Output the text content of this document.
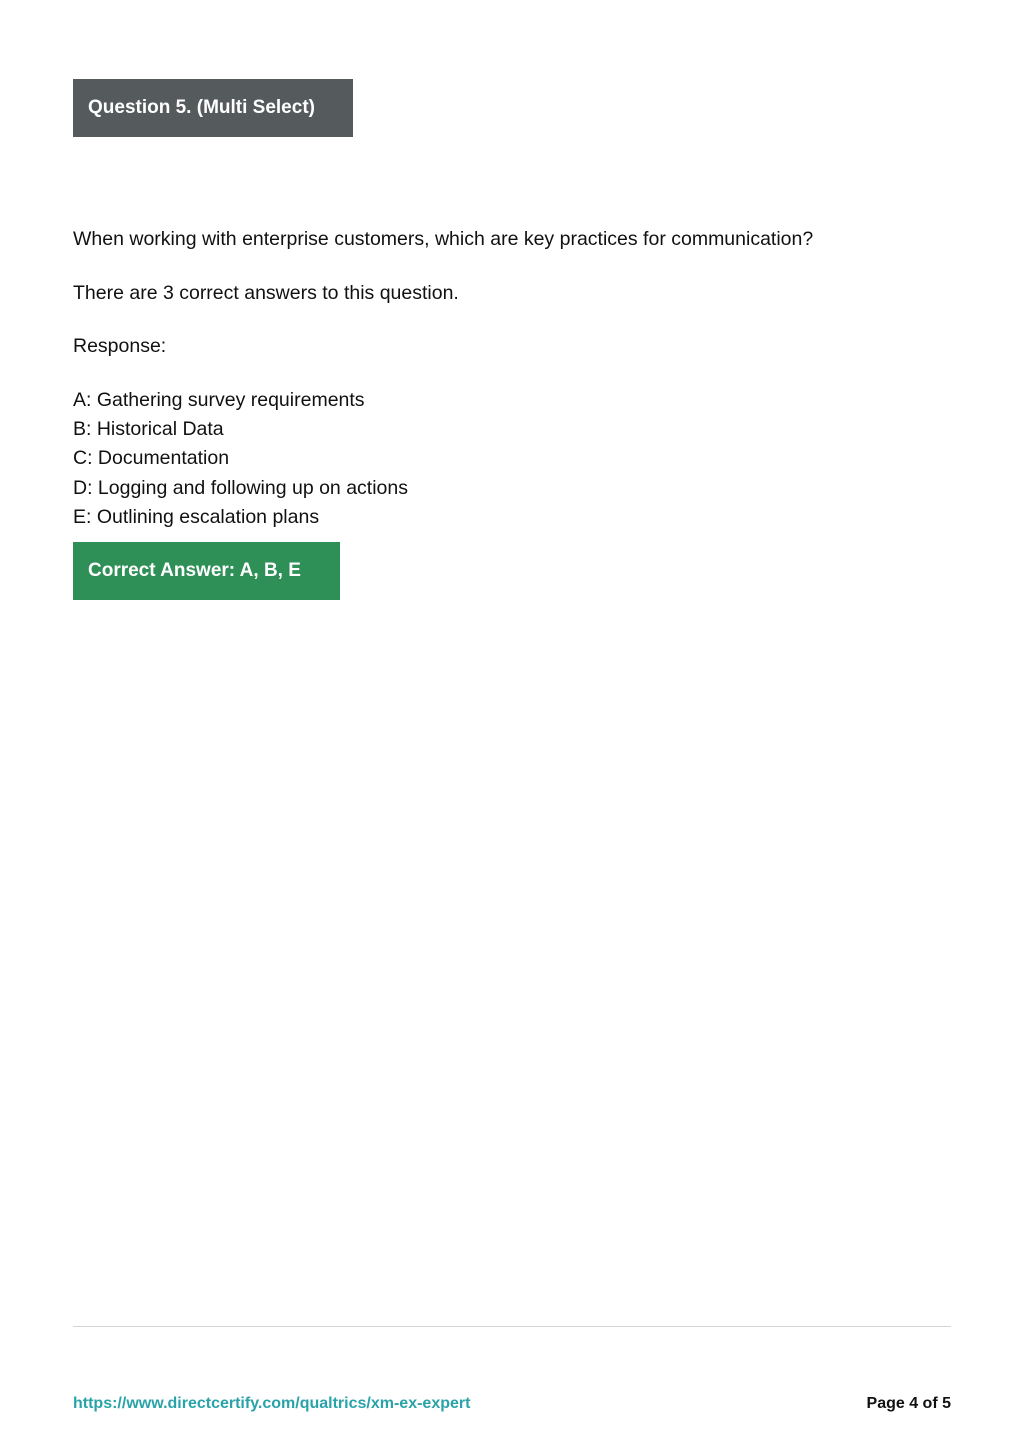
Question 5. (Multi Select)
When working with enterprise customers, which are key practices for communication?
There are 3 correct answers to this question.
Response:
A: Gathering survey requirements
B: Historical Data
C: Documentation
D: Logging and following up on actions
E: Outlining escalation plans
Correct Answer: A, B, E
https://www.directcertify.com/qualtrics/xm-ex-expert	Page 4 of 5
